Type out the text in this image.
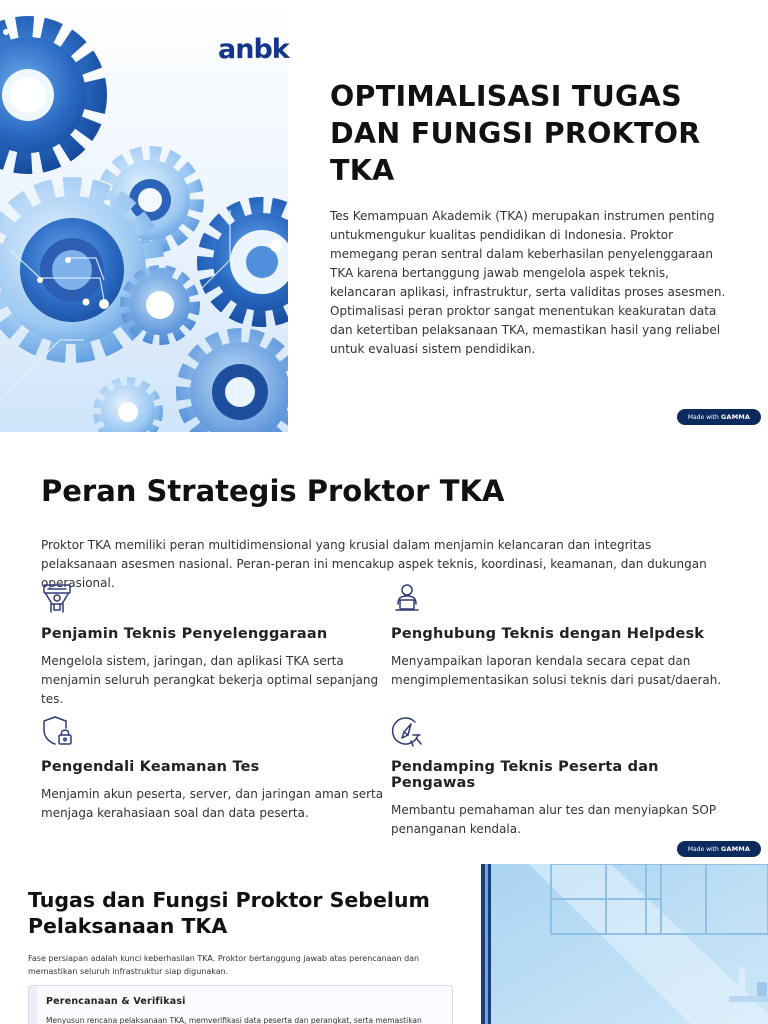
anbk
OPTIMALISASI TUGAS DAN FUNGSI PROKTOR TKA

Tes Kemampuan Akademik (TKA) merupakan instrumen penting untukmengukur kualitas pendidikan di Indonesia. Proktor memegang peran sentral dalam keberhasilan penyelenggaraan TKA karena bertanggung jawab mengelola aspek teknis, kelancaran aplikasi, infrastruktur, serta validitas proses asesmen. Optimalisasi peran proktor sangat menentukan keakuratan data dan ketertiban pelaksanaan TKA, memastikan hasil yang reliabel untuk evaluasi sistem pendidikan.

Made with GAMMA
Peran Strategis Proktor TKA

Proktor TKA memiliki peran multidimensional yang krusial dalam menjamin kelancaran dan integritas pelaksanaan asesmen nasional. Peran-peran ini mencakup aspek teknis, koordinasi, keamanan, dan dukungan operasional.

Penjamin Teknis Penyelenggaraan

Mengelola sistem, jaringan, dan aplikasi TKA serta menjamin seluruh perangkat bekerja optimal sepanjang tes.

Penghubung Teknis dengan Helpdesk

Menyampaikan laporan kendala secara cepat dan mengimplementasikan solusi teknis dari pusat/daerah.

Pengendali Keamanan Tes

Menjamin akun peserta, server, dan jaringan aman serta menjaga kerahasiaan soal dan data peserta.

Pendamping Teknis Peserta dan Pengawas

Membantu pemahaman alur tes dan menyiapkan SOP penanganan kendala.

Made with GAMMA
Tugas dan Fungsi Proktor Sebelum Pelaksanaan TKA

Fase persiapan adalah kunci keberhasilan TKA. Proktor bertanggung jawab atas perencanaan dan memastikan seluruh infrastruktur siap digunakan.

Perencanaan & Verifikasi

Menyusun rencana pelaksanaan TKA, memverifikasi data peserta dan perangkat, serta memastikan
